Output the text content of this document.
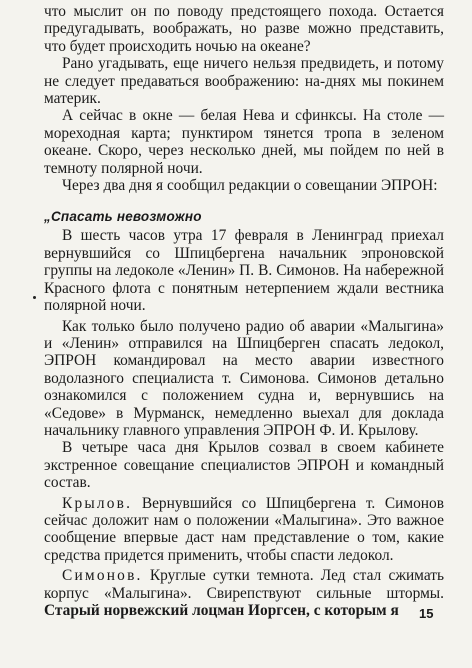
что мыслит он по поводу предстоящего похода. Остается предугадывать, воображать, но разве можно представить, что будет происходить ночью на океане?

Рано угадывать, еще ничего нельзя предвидеть, и потому не следует предаваться воображению: на-днях мы покинем материк.

А сейчас в окне — белая Нева и сфинксы. На столе — мореходная карта; пунктиром тянется тропа в зеленом океане. Скоро, через несколько дней, мы пойдем по ней в темноту полярной ночи.

Через два дня я сообщил редакции о совещании ЭПРОН:

„Спасать невозможно

В шесть часов утра 17 февраля в Ленинград приехал вернувшийся со Шпицбергена начальник эпроновской группы на ледоколе «Ленин» П. В. Симонов. На набережной Красного флота с понятным нетерпением ждали вестника полярной ночи.

Как только было получено радио об аварии «Малыгина» и «Ленин» отправился на Шпицберген спасать ледокол, ЭПРОН командировал на место аварии известного водолазного специалиста т. Симонова. Симонов детально ознакомился с положением судна и, вернувшись на «Седове» в Мурманск, немедленно выехал для доклада начальнику главного управления ЭПРОН Ф. И. Крылову.

В четыре часа дня Крылов созвал в своем кабинете экстренное совещание специалистов ЭПРОН и командный состав.

Крылов. Вернувшийся со Шпицбергена т. Симонов сейчас доложит нам о положении «Малыгина». Это важное сообщение впервые даст нам представление о том, какие средства придется применить, чтобы спасти ледокол.

Симонов. Круглые сутки темнота. Лед стал сжимать корпус «Малыгина». Свирепствуют сильные штормы. Старый норвежский лоцман Иоргсен, с которым я	15
